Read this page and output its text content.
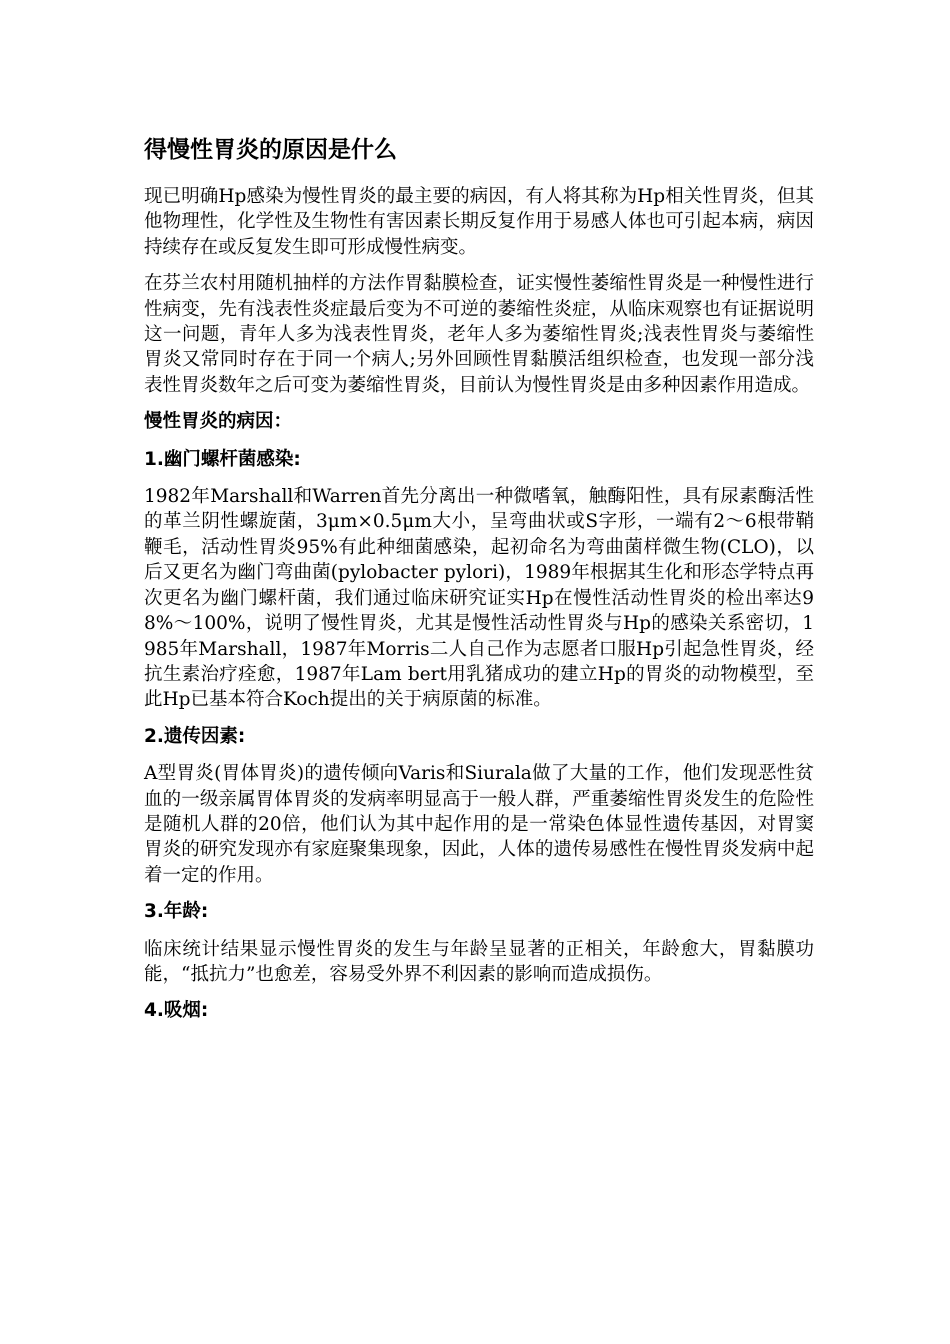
得慢性胃炎的原因是什么

现已明确Hp感染为慢性胃炎的最主要的病因，有人将其称为Hp相关性胃炎，但其他物理性，化学性及生物性有害因素长期反复作用于易感人体也可引起本病，病因持续存在或反复发生即可形成慢性病变。

在芬兰农村用随机抽样的方法作胃黏膜检查，证实慢性萎缩性胃炎是一种慢性进行性病变，先有浅表性炎症最后变为不可逆的萎缩性炎症，从临床观察也有证据说明这一问题，青年人多为浅表性胃炎，老年人多为萎缩性胃炎;浅表性胃炎与萎缩性胃炎又常同时存在于同一个病人;另外回顾性胃黏膜活组织检查，也发现一部分浅表性胃炎数年之后可变为萎缩性胃炎，目前认为慢性胃炎是由多种因素作用造成。

慢性胃炎的病因：
1.幽门螺杆菌感染:

1982年Marshall和Warren首先分离出一种微嗜氧，触酶阳性，具有尿素酶活性的革兰阴性螺旋菌，3μm×0.5μm大小，呈弯曲状或S字形，一端有2～6根带鞘鞭毛，活动性胃炎95%有此种细菌感染，起初命名为弯曲菌样微生物(CLO)，以后又更名为幽门弯曲菌(pylobacter pylori)，1989年根据其生化和形态学特点再次更名为幽门螺杆菌，我们通过临床研究证实Hp在慢性活动性胃炎的检出率达98%～100%，说明了慢性胃炎，尤其是慢性活动性胃炎与Hp的感染关系密切，1985年Marshall，1987年Morris二人自己作为志愿者口服Hp引起急性胃炎，经抗生素治疗痊愈，1987年Lam bert用乳猪成功的建立Hp的胃炎的动物模型，至此Hp已基本符合Koch提出的关于病原菌的标准。

2.遗传因素:

A型胃炎(胃体胃炎)的遗传倾向Varis和Siurala做了大量的工作，他们发现恶性贫血的一级亲属胃体胃炎的发病率明显高于一般人群，严重萎缩性胃炎发生的危险性是随机人群的20倍，他们认为其中起作用的是一常染色体显性遗传基因，对胃窦胃炎的研究发现亦有家庭聚集现象，因此，人体的遗传易感性在慢性胃炎发病中起着一定的作用。

3.年龄:

临床统计结果显示慢性胃炎的发生与年龄呈显著的正相关，年龄愈大，胃黏膜功能，“抵抗力”也愈差，容易受外界不利因素的影响而造成损伤。

4.吸烟:
